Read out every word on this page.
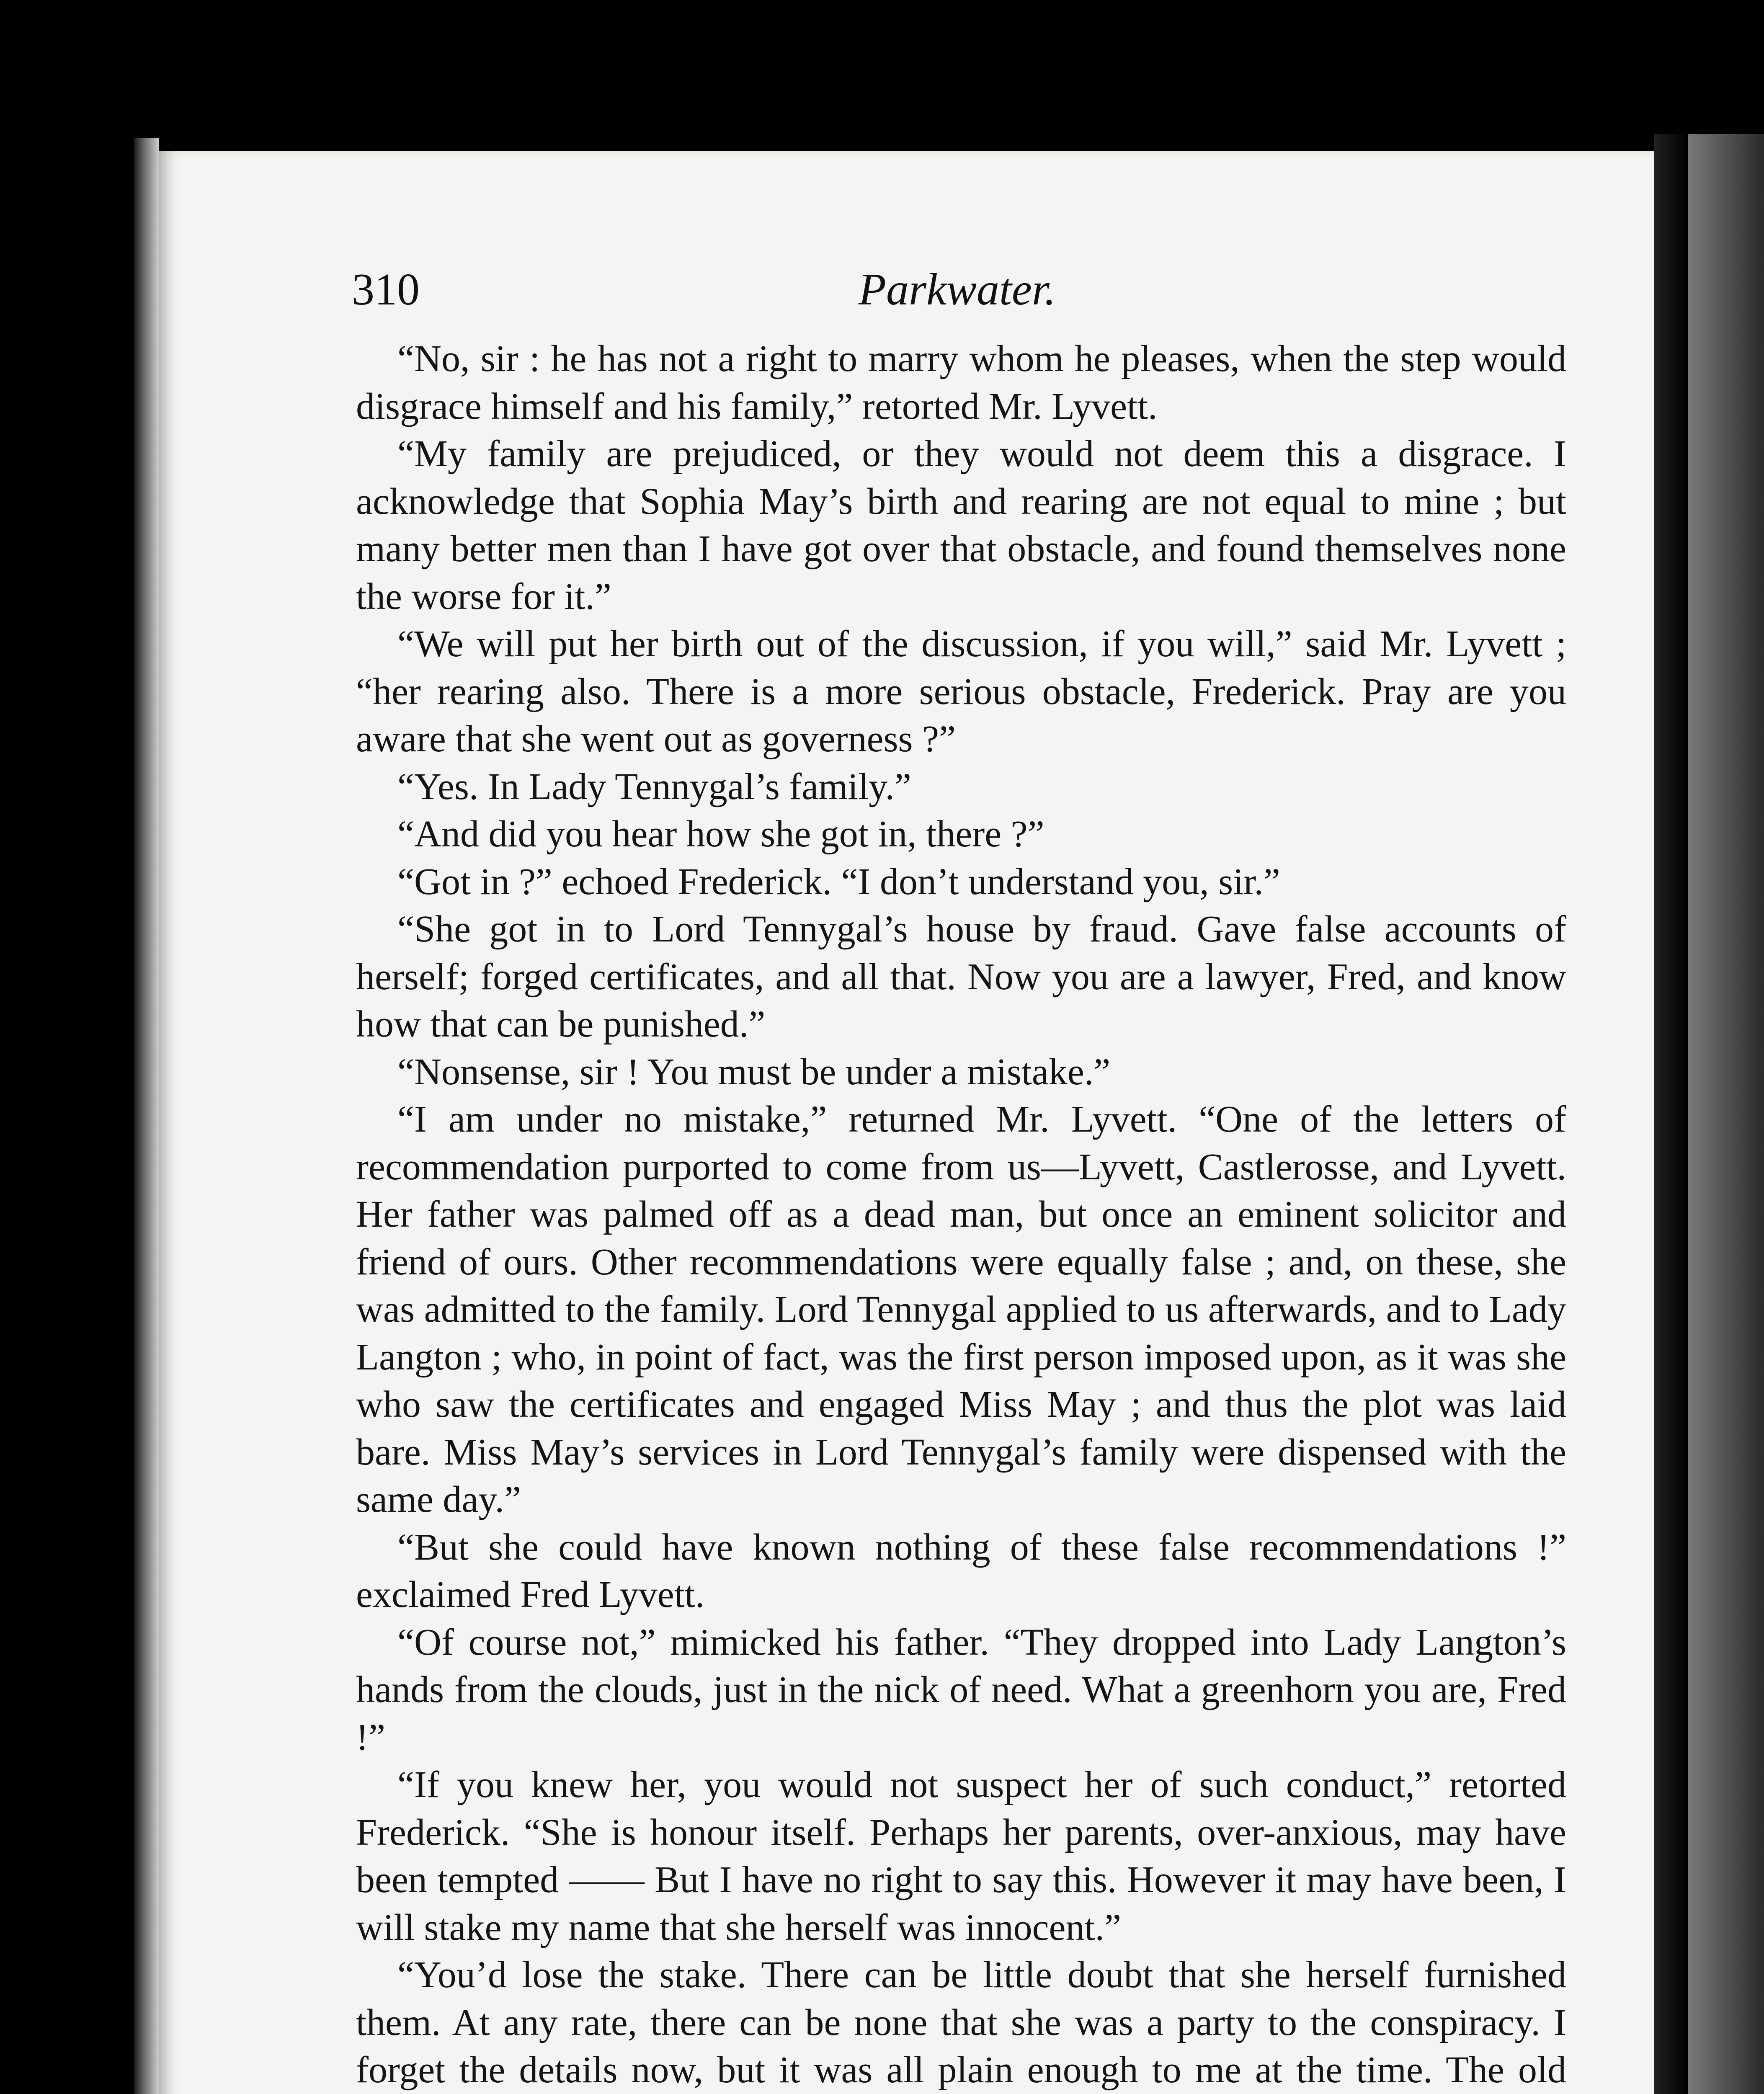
310	Parkwater.

“No, sir : he has not a right to marry whom he pleases, when the step would disgrace himself and his family,” retorted Mr. Lyvett.

“My family are prejudiced, or they would not deem this a disgrace. I acknowledge that Sophia May’s birth and rearing are not equal to mine ; but many better men than I have got over that obstacle, and found themselves none the worse for it.”

“We will put her birth out of the discussion, if you will,” said Mr. Lyvett ; “her rearing also. There is a more serious obstacle, Frederick. Pray are you aware that she went out as governess ?”

“Yes. In Lady Tennygal’s family.”

“And did you hear how she got in, there ?”

“Got in ?” echoed Frederick. “I don’t understand you, sir.”

“She got in to Lord Tennygal’s house by fraud. Gave false accounts of herself; forged certificates, and all that. Now you are a lawyer, Fred, and know how that can be punished.”

“Nonsense, sir ! You must be under a mistake.”

“I am under no mistake,” returned Mr. Lyvett. “One of the letters of recommendation purported to come from us—Lyvett, Castlerosse, and Lyvett. Her father was palmed off as a dead man, but once an eminent solicitor and friend of ours. Other recommendations were equally false ; and, on these, she was admitted to the family. Lord Tennygal applied to us afterwards, and to Lady Langton ; who, in point of fact, was the first person imposed upon, as it was she who saw the certificates and engaged Miss May ; and thus the plot was laid bare. Miss May’s services in Lord Tennygal’s family were dispensed with the same day.”

“But she could have known nothing of these false recommendations !” exclaimed Fred Lyvett.

“Of course not,” mimicked his father. “They dropped into Lady Langton’s hands from the clouds, just in the nick of need. What a greenhorn you are, Fred !”

“If you knew her, you would not suspect her of such conduct,” retorted Frederick. “She is honour itself. Perhaps her parents, over-anxious, may have been tempted —— But I have no right to say this. However it may have been, I will stake my name that she herself was innocent.”

“You’d lose the stake. There can be little doubt that she herself furnished them. At any rate, there can be none that she was a party to the conspiracy. I forget the details now, but it was all plain enough to me at the time. The old
